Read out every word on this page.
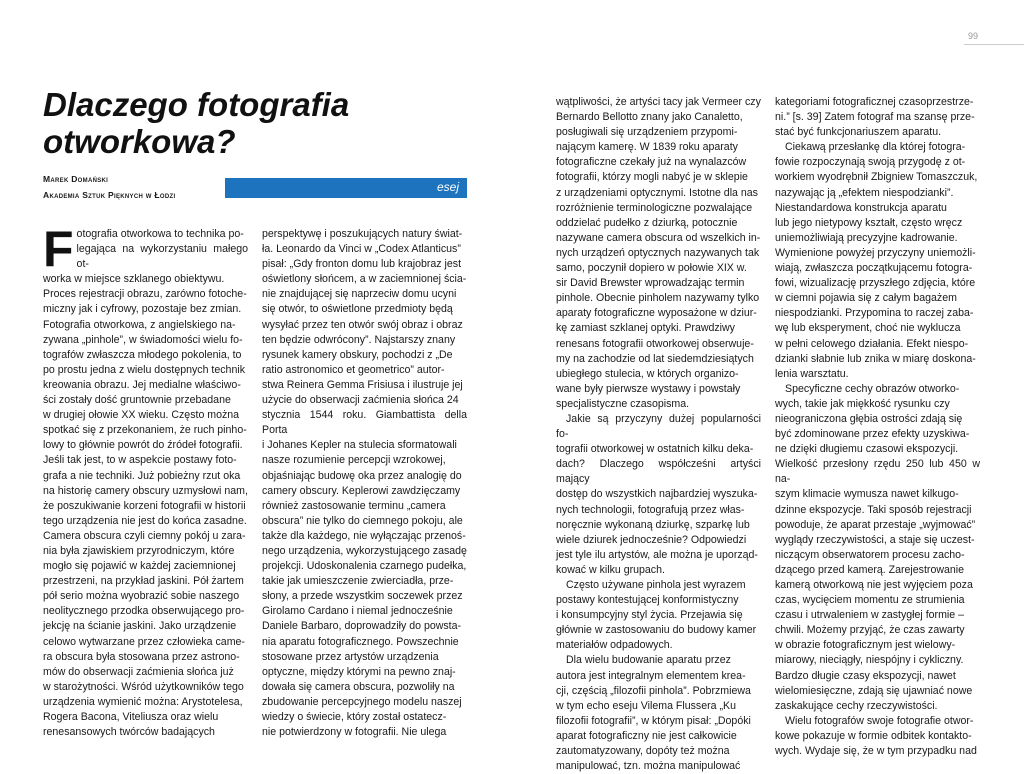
99
Dlaczego fotografia otworkowa?
Marek Domański
Akademia Sztuk Pięknych w Łodzi
esej

Fotografia otworkowa to technika po-
legająca na wykorzystaniu małego ot-
worka w miejsce szklanego obiektywu.
Proces rejestracji obrazu, zarówno fotoche-
miczny jak i cyfrowy, pozostaje bez zmian.
Fotografia otworkowa, z angielskiego na-
zywana „pinhole”, w świadomości wielu fo-
tografów zwłaszcza młodego pokolenia, to
po prostu jedna z wielu dostępnych technik
kreowania obrazu. Jej medialne właściwo-
ści zostały dość gruntownie przebadane
w drugiej ołowie XX wieku. Często można
spotkać się z przekonaniem, że ruch pinho-
lowy to głównie powrót do źródeł fotografii.
Jeśli tak jest, to w aspekcie postawy foto-
grafa a nie techniki. Już pobieżny rzut oka
na historię camery obscury uzmysłowi nam,
że poszukiwanie korzeni fotografii w historii
tego urządzenia nie jest do końca zasadne.
Camera obscura czyli ciemny pokój u zara-
nia była zjawiskiem przyrodniczym, które
mogło się pojawić w każdej zaciemnionej
przestrzeni, na przykład jaskini. Pół żartem
pół serio można wyobrazić sobie naszego
neolitycznego przodka obserwującego pro-
jekcję na ścianie jaskini. Jako urządzenie
celowo wytwarzane przez człowieka came-
ra obscura była stosowana przez astrono-
mów do obserwacji zaćmienia słońca już
w starożytności. Wśród użytkowników tego
urządzenia wymienić można: Arystotelesa,
Rogera Bacona, Viteliusza oraz wielu
renesansowych twórców badających

perspektywę i poszukujących natury świat-
ła. Leonardo da Vinci w „Codex Atlanticus”
pisał: „Gdy fronton domu lub krajobraz jest
oświetlony słońcem, a w zaciemnionej ścia-
nie znajdującej się naprzeciw domu ucyni
się otwór, to oświetlone przedmioty będą
wysyłać przez ten otwór swój obraz i obraz
ten będzie odwrócony”. Najstarszy znany
rysunek kamery obskury, pochodzi z „De
ratio astronomico et geometrico” autor-
stwa Reinera Gemma Frisiusa i ilustruje jej
użycie do obserwacji zaćmienia słońca 24
stycznia 1544 roku. Giambattista della Porta
i Johanes Kepler na stulecia sformatowali
nasze rozumienie percepcji wzrokowej,
objaśniając budowę oka przez analogię do
camery obscury. Keplerowi zawdzięczamy
również zastosowanie terminu „camera
obscura” nie tylko do ciemnego pokoju, ale
także dla każdego, nie wyłączając przenoś-
nego urządzenia, wykorzystującego zasadę
projekcji. Udoskonalenia czarnego pudełka,
takie jak umieszczenie zwierciadła, prze-
słony, a przede wszystkim soczewek przez
Girolamo Cardano i niemal jednocześnie
Daniele Barbaro, doprowadziły do powsta-
nia aparatu fotograficznego. Powszechnie
stosowane przez artystów urządzenia
optyczne, między którymi na pewno znaj-
dowała się camera obscura, pozwoliły na
zbudowanie percepcyjnego modelu naszej
wiedzy o świecie, który został ostatecz-
nie potwierdzony w fotografii. Nie ulega

wątpliwości, że artyści tacy jak Vermeer czy
Bernardo Bellotto znany jako Canaletto,
posługiwali się urządzeniem przypomi-
nającym kamerę. W 1839 roku aparaty
fotograficzne czekały już na wynalazców
fotografii, którzy mogli nabyć je w sklepie
z urządzeniami optycznymi. Istotne dla nas
rozróżnienie terminologiczne pozwalające
oddzielać pudełko z dziurką, potocznie
nazywane camera obscura od wszelkich in-
nych urządzeń optycznych nazywanych tak
samo, poczynił dopiero w połowie XIX w.
sir David Brewster wprowadzając termin
pinhole. Obecnie pinholem nazywamy tylko
aparaty fotograficzne wyposażone w dziur-
kę zamiast szklanej optyki. Prawdziwy
renesans fotografii otworkowej obserwuje-
my na zachodzie od lat siedemdziesiątych
ubiegłego stulecia, w których organizo-
wane były pierwsze wystawy i powstały
specjalistyczne czasopisma.

Jakie są przyczyny dużej popularności fo-
tografii otworkowej w ostatnich kilku deka-
dach? Dlaczego współcześni artyści mający
dostęp do wszystkich najbardziej wyszuka-
nych technologii, fotografują przez włas-
noręcznie wykonaną dziurkę, szparkę lub
wiele dziurek jednocześnie? Odpowiedzi
jest tyle ilu artystów, ale można je uporząd-
kować w kilku grupach.

Często używane pinhola jest wyrazem
postawy kontestującej konformistyczny
i konsumpcyjny styl życia. Przejawia się
głównie w zastosowaniu do budowy kamer
materiałów odpadowych.

Dla wielu budowanie aparatu przez
autora jest integralnym elementem krea-
cji, częścią „filozofii pinhola”. Pobrzmiewa
w tym echo eseju Vilema Flussera „Ku
filozofii fotografii”, w którym pisał: „Dopóki
aparat fotograficzny nie jest całkowicie
zautomatyzowany, dopóty też można
manipulować, tzn. można manipulować

kategoriami fotograficznej czasoprzestrze-
ni.” [s. 39] Zatem fotograf ma szansę prze-
stać być funkcjonariuszem aparatu.

Ciekawą przesłankę dla której fotogra-
fowie rozpoczynają swoją przygodę z ot-
workiem wyodrębnił Zbigniew Tomaszczuk,
nazywając ją „efektem niespodzianki”.
Niestandardowa konstrukcja aparatu
lub jego nietypowy kształt, często wręcz
uniemożliwiają precyzyjne kadrowanie.
Wymienione powyżej przyczyny uniemożli-
wiają, zwłaszcza początkującemu fotogra-
fowi, wizualizację przyszłego zdjęcia, które
w ciemni pojawia się z całym bagażem
niespodzianki. Przypomina to raczej zaba-
wę lub eksperyment, choć nie wyklucza
w pełni celowego działania. Efekt niespo-
dzianki słabnie lub znika w miarę doskona-
lenia warsztatu.

Specyficzne cechy obrazów otworko-
wych, takie jak miękkość rysunku czy
nieograniczona głębia ostrości zdają się
być zdominowane przez efekty uzyskiwa-
ne dzięki długiemu czasowi ekspozycji.
Wielkość przesłony rzędu 250 lub 450 w na-
szym klimacie wymusza nawet kilkugo-
dzinne ekspozycje. Taki sposób rejestracji
powoduje, że aparat przestaje „wyjmować”
wyglądy rzeczywistości, a staje się uczest-
niczącym obserwatorem procesu zacho-
dzącego przed kamerą. Zarejestrowanie
kamerą otworkową nie jest wyjęciem poza
czas, wycięciem momentu ze strumienia
czasu i utrwaleniem w zastygłej formie –
chwili. Możemy przyjąć, że czas zawarty
w obrazie fotograficznym jest wielowy-
miarowy, nieciągły, niespójny i cykliczny.
Bardzo długie czasy ekspozycji, nawet
wielomiesięczne, zdają się ujawniać nowe
zaskakujące cechy rzeczywistości.

Wielu fotografów swoje fotografie otwor-
kowe pokazuje w formie odbitek kontakto-
wych. Wydaje się, że w tym przypadku nad
